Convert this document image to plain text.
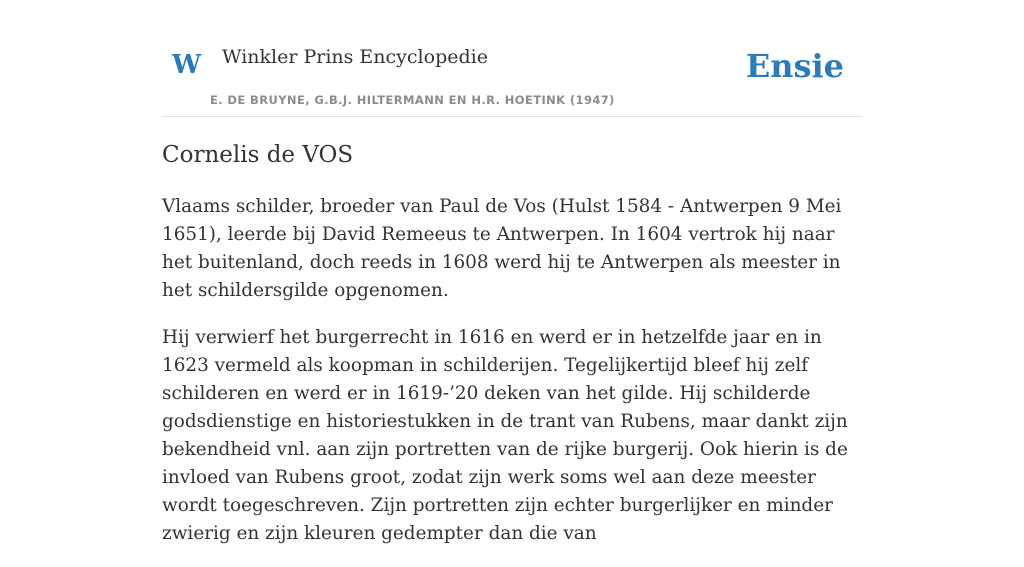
W Winkler Prins Encyclopedie
E. DE BRUYNE, G.B.J. HILTERMANN EN H.R. HOETINK (1947)
Ensie
Cornelis de VOS

Vlaams schilder, broeder van Paul de Vos (Hulst 1584 - Antwerpen 9 Mei 1651), leerde bij David Remeeus te Antwerpen. In 1604 vertrok hij naar het buitenland, doch reeds in 1608 werd hij te Antwerpen als meester in het schildersgilde opgenomen.

Hij verwierf het burgerrecht in 1616 en werd er in hetzelfde jaar en in 1623 vermeld als koopman in schilderijen. Tegelijkertijd bleef hij zelf schilderen en werd er in 1619-’20 deken van het gilde. Hij schilderde godsdienstige en historiestukken in de trant van Rubens, maar dankt zijn bekendheid vnl. aan zijn portretten van de rijke burgerij. Ook hierin is de invloed van Rubens groot, zodat zijn werk soms wel aan deze meester wordt toegeschreven. Zijn portretten zijn echter burgerlijker en minder zwierig en zijn kleuren gedempter dan die van
